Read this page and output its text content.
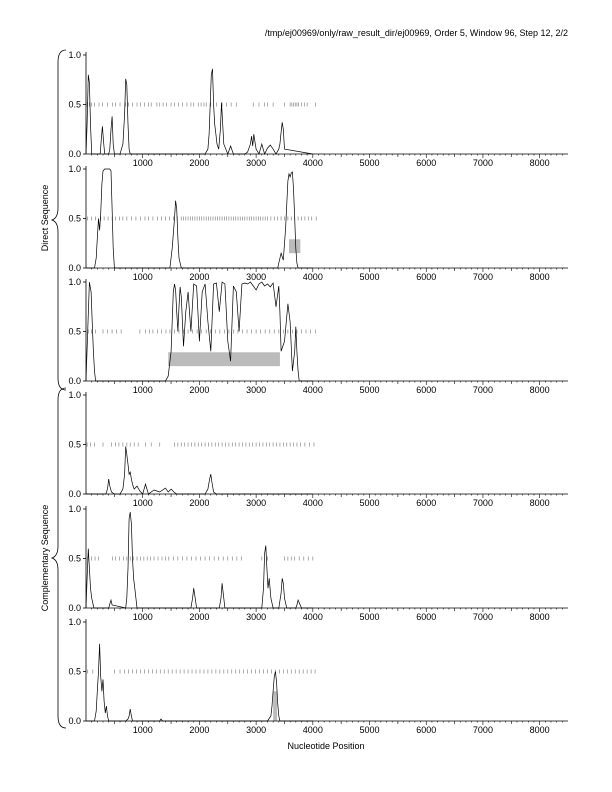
/tmp/ej00969/only/raw_result_dir/ej00969, Order 5, Window 96, Step 12, 2/2
0.0
0.5
1.0
1000	2000	3000	4000	5000	6000	7000	8000
0.0
0.5
1.0
1000	2000	3000	4000	5000	6000	7000	8000
0.0
0.5
1.0
1000	2000	3000	4000	5000	6000	7000	8000
0.0
0.5
1.0
1000	2000	3000	4000	5000	6000	7000	8000
0.0
0.5
1.0
1000	2000	3000	4000	5000	6000	7000	8000
0.0
0.5
1.0
1000	2000	3000	4000	5000	6000	7000	8000
Direct Sequence
Complementary Sequence
Nucleotide Position
